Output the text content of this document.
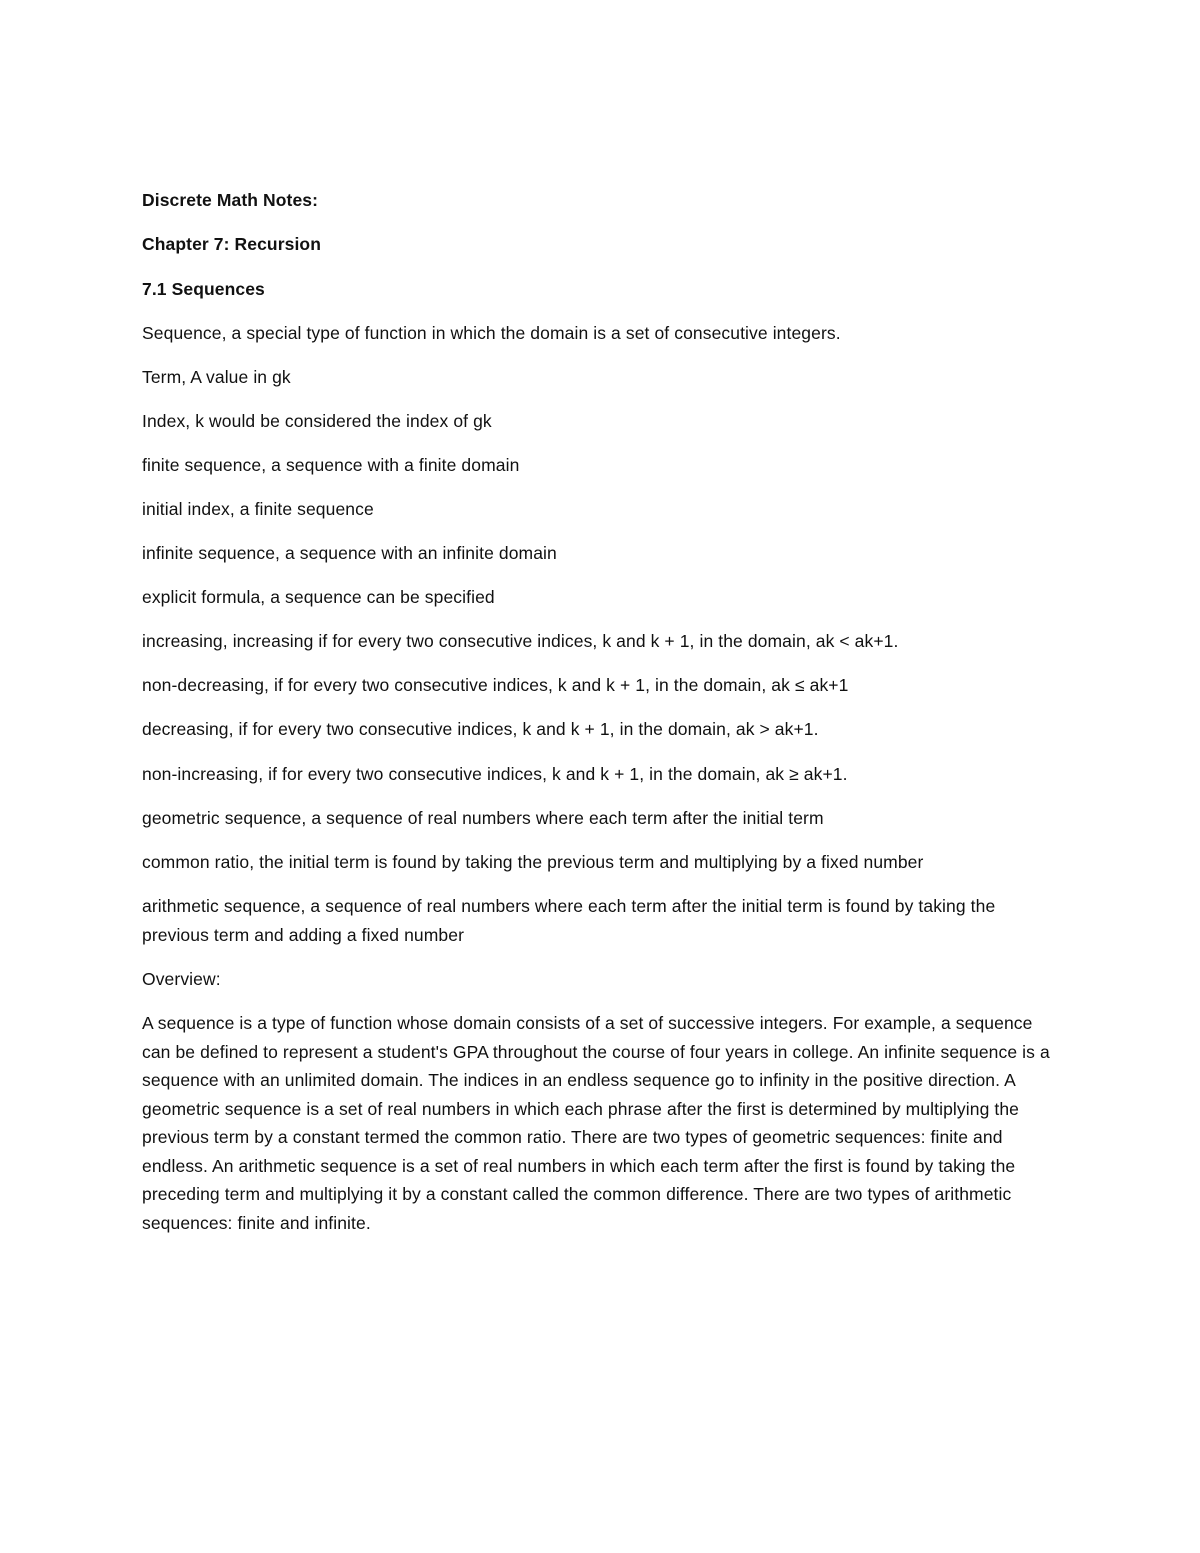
Discrete Math Notes:
Chapter 7: Recursion
7.1 Sequences
Sequence, a special type of function in which the domain is a set of consecutive integers.
Term, A value in gk
Index, k would be considered the index of gk
finite sequence, a sequence with a finite domain
initial index, a finite sequence
infinite sequence, a sequence with an infinite domain
explicit formula, a sequence can be specified
increasing, increasing if for every two consecutive indices, k and k + 1, in the domain, ak < ak+1.
non-decreasing, if for every two consecutive indices, k and k + 1, in the domain, ak ≤ ak+1
decreasing, if for every two consecutive indices, k and k + 1, in the domain, ak > ak+1.
non-increasing, if for every two consecutive indices, k and k + 1, in the domain, ak ≥ ak+1.
geometric sequence, a sequence of real numbers where each term after the initial term
common ratio, the initial term is found by taking the previous term and multiplying by a fixed number
arithmetic sequence, a sequence of real numbers where each term after the initial term is found by taking the previous term and adding a fixed number
Overview:
A sequence is a type of function whose domain consists of a set of successive integers. For example, a sequence can be defined to represent a student's GPA throughout the course of four years in college. An infinite sequence is a sequence with an unlimited domain. The indices in an endless sequence go to infinity in the positive direction. A geometric sequence is a set of real numbers in which each phrase after the first is determined by multiplying the previous term by a constant termed the common ratio. There are two types of geometric sequences: finite and endless. An arithmetic sequence is a set of real numbers in which each term after the first is found by taking the preceding term and multiplying it by a constant called the common difference. There are two types of arithmetic sequences: finite and infinite.
